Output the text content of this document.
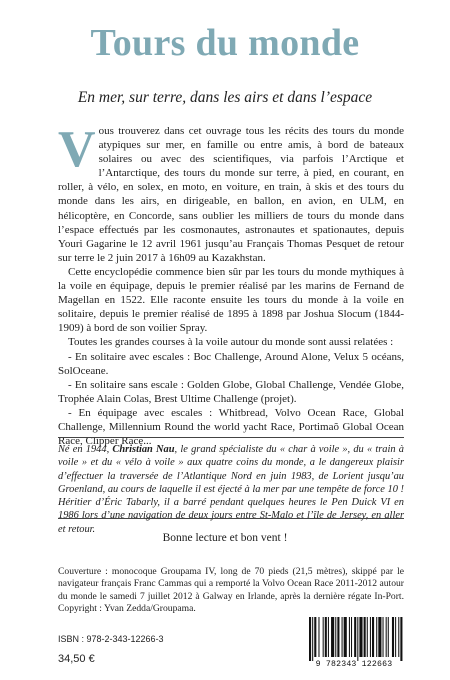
Tours du monde
En mer, sur terre, dans les airs et dans l’espace

Vous trouverez dans cet ouvrage tous les récits des tours du monde atypiques sur mer, en famille ou entre amis, à bord de bateaux solaires ou avec des scientifiques, via parfois l’Arctique et l’Antarctique, des tours du monde sur terre, à pied, en courant, en roller, à vélo, en solex, en moto, en voiture, en train, à skis et des tours du monde dans les airs, en dirigeable, en ballon, en avion, en ULM, en hélicoptère, en Concorde, sans oublier les milliers de tours du monde dans l’espace effectués par les cosmonautes, astronautes et spationautes, depuis Youri Gagarine le 12 avril 1961 jusqu’au Français Thomas Pesquet de retour sur terre le 2 juin 2017 à 16h09 au Kazakhstan.

Cette encyclopédie commence bien sûr par les tours du monde mythiques à la voile en équipage, depuis le premier réalisé par les marins de Fernand de Magellan en 1522. Elle raconte ensuite les tours du monde à la voile en solitaire, depuis le premier réalisé de 1895 à 1898 par Joshua Slocum (1844-1909) à bord de son voilier Spray.

Toutes les grandes courses à la voile autour du monde sont aussi relatées :

- En solitaire avec escales : Boc Challenge, Around Alone, Velux 5 océans, SolOceane.

- En solitaire sans escale : Golden Globe, Global Challenge, Vendée Globe, Trophée Alain Colas, Brest Ultime Challenge (projet).

- En équipage avec escales : Whitbread, Volvo Ocean Race, Global Challenge, Millennium Round the world yacht Race, Portimaõ Global Ocean Race, Clipper Race...

Né en 1944, Christian Nau, le grand spécialiste du « char à voile », du « train à voile » et du « vélo à voile » aux quatre coins du monde, a le dangereux plaisir d’effectuer la traversée de l’Atlantique Nord en juin 1983, de Lorient jusqu’au Groenland, au cours de laquelle il est éjecté à la mer par une tempête de force 10 ! Héritier d’Éric Tabarly, il a barré pendant quelques heures le Pen Duick VI en 1986 lors d’une navigation de deux jours entre St-Malo et l’île de Jersey, en aller et retour.
Bonne lecture et bon vent !
Couverture : monocoque Groupama IV, long de 70 pieds (21,5 mètres), skippé par le navigateur français Franc Cammas qui a remporté la Volvo Ocean Race 2011-2012 autour du monde le samedi 7 juillet 2012 à Galway en Irlande, après la dernière régate In-Port. Copyright : Yvan Zedda/Groupama.
ISBN : 978-2-343-12266-3
34,50 €	9 782343 122663
